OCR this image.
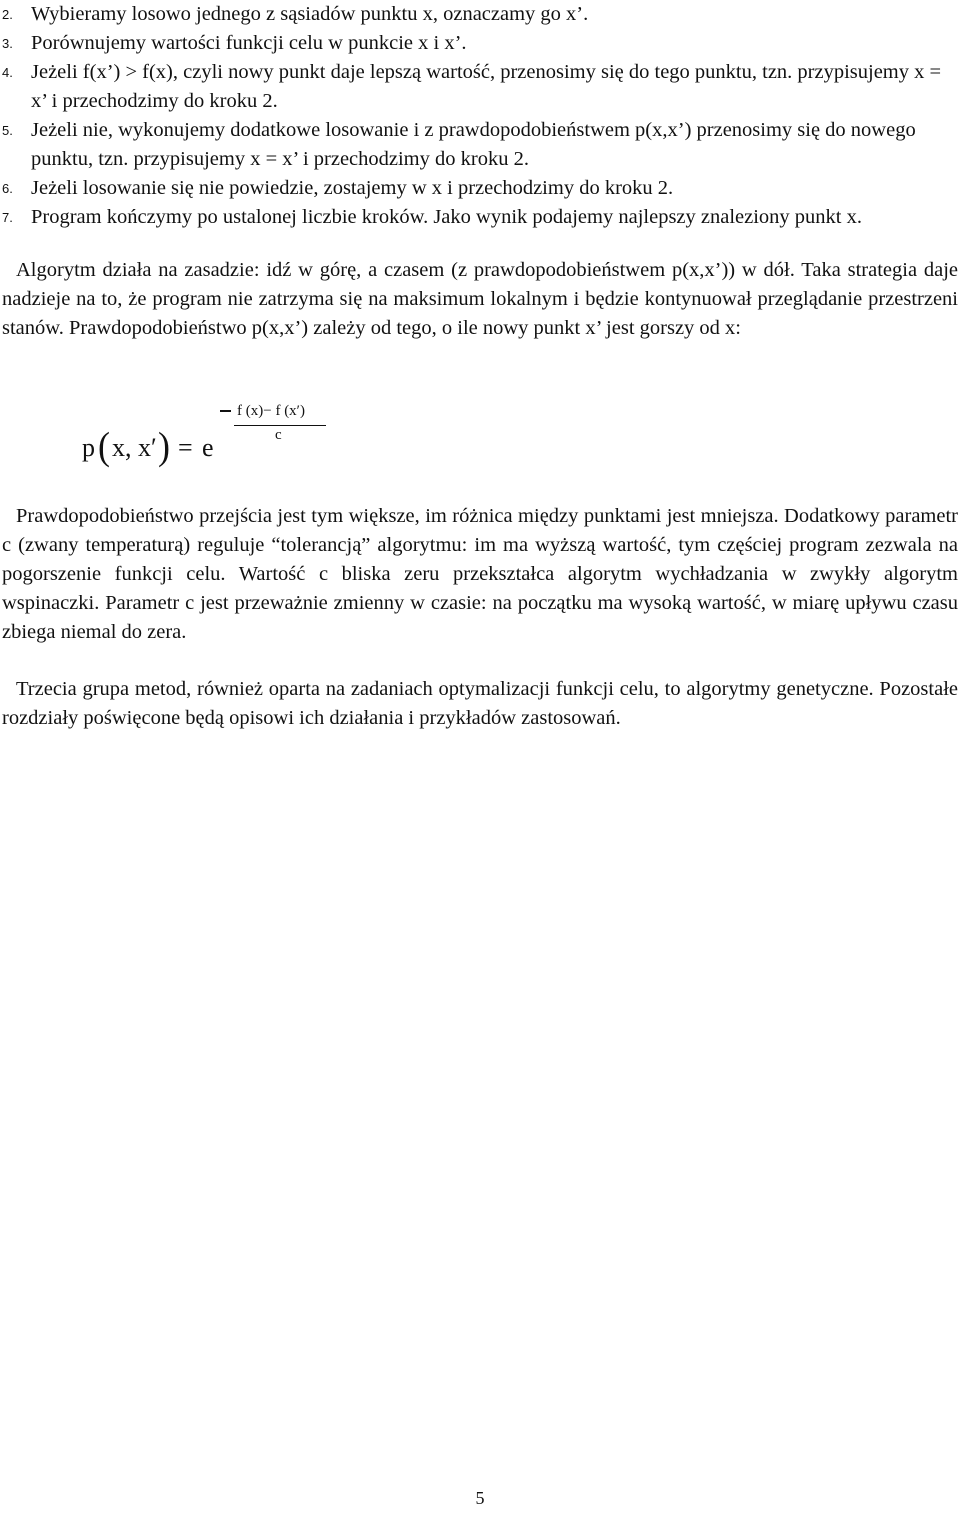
2. Wybieramy losowo jednego z sąsiadów punktu x, oznaczamy go x’.
3. Porównujemy wartości funkcji celu w punkcie x i x’.
4. Jeżeli f(x’) > f(x), czyli nowy punkt daje lepszą wartość, przenosimy się do tego punktu, tzn. przypisujemy x = x’ i przechodzimy do kroku 2.
5. Jeżeli nie, wykonujemy dodatkowe losowanie i z prawdopodobieństwem p(x,x’) przenosimy się do nowego punktu, tzn. przypisujemy x = x’ i przechodzimy do kroku 2.
6. Jeżeli losowanie się nie powiedzie, zostajemy w x i przechodzimy do kroku 2.
7. Program kończymy po ustalonej liczbie kroków. Jako wynik podajemy najlepszy znaleziony punkt x.

Algorytm działa na zasadzie: idź w górę, a czasem (z prawdopodobieństwem p(x,x’)) w dół. Taka strategia daje nadzieje na to, że program nie zatrzyma się na maksimum lokalnym i będzie kontynuował przeglądanie przestrzeni stanów. Prawdopodobieństwo p(x,x’) zależy od tego, o ile nowy punkt x’ jest gorszy od x:

p ( x, x′ ) = e
f (x)− f (x′)
c

Prawdopodobieństwo przejścia jest tym większe, im różnica między punktami jest mniejsza. Dodatkowy parametr c (zwany temperaturą) reguluje “tolerancją” algorytmu: im ma wyższą wartość, tym częściej program zezwala na pogorszenie funkcji celu. Wartość c bliska zeru przekształca algorytm wychładzania w zwykły algorytm wspinaczki. Parametr c jest przeważnie zmienny w czasie: na początku ma wysoką wartość, w miarę upływu czasu zbiega niemal do zera.

Trzecia grupa metod, również oparta na zadaniach optymalizacji funkcji celu, to algorytmy genetyczne. Pozostałe rozdziały poświęcone będą opisowi ich działania i przykładów zastosowań.

5
